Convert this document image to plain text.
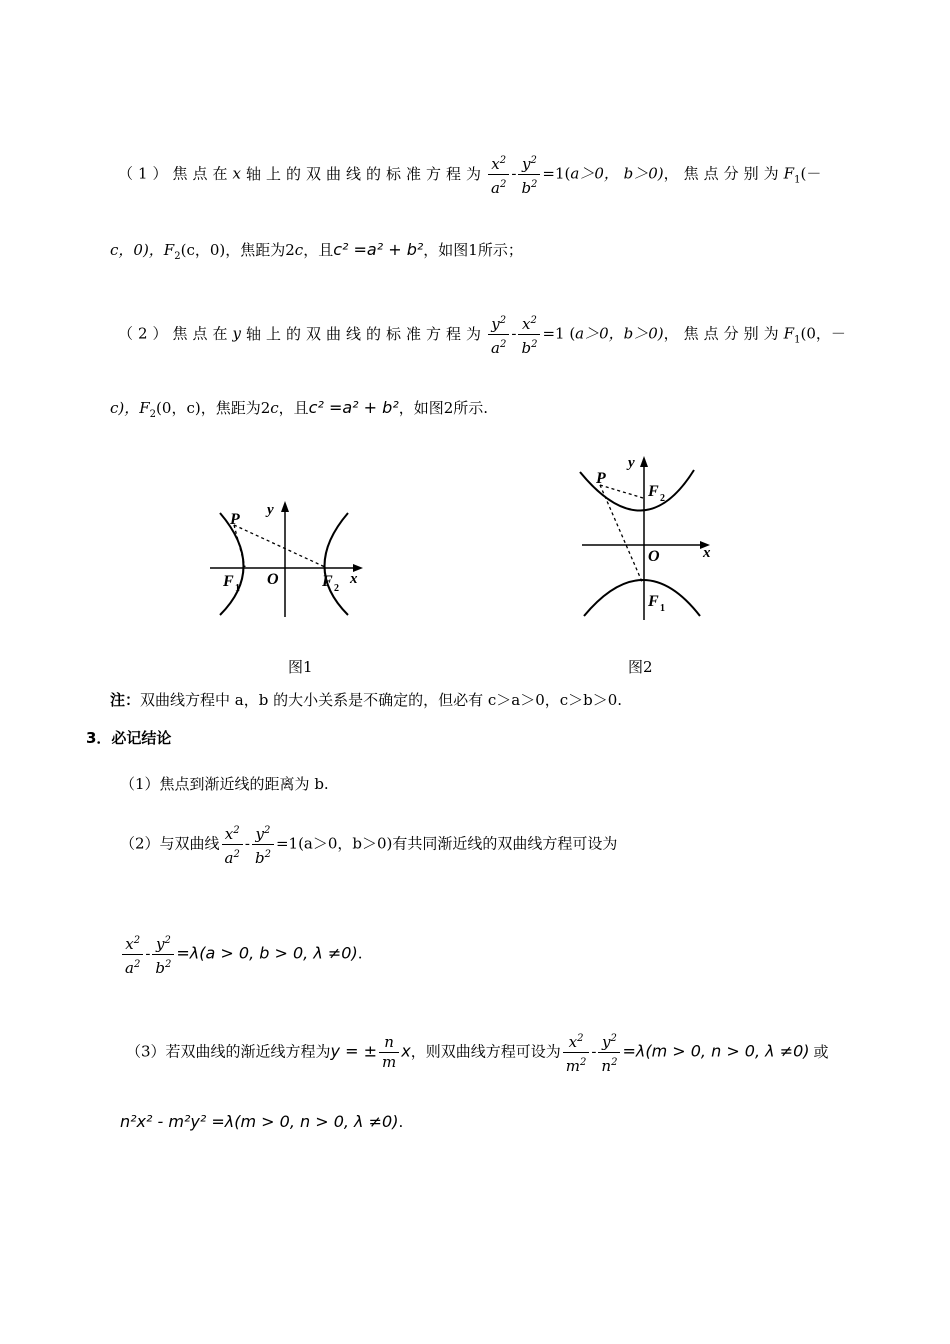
（1）焦点在x 轴上的双曲线的标准方程为 $\frac{x^2}{a^2} - \frac{y^2}{b^2} =1(a>0$， b＞0)，焦点分别为$F_1(-$
c，0)，$F_2(c$，0)，焦距为2c，且c² =a² + b²，如图1所示；
（2）焦点在y 轴上的双曲线的标准方程为 $\frac{y^2}{a^2} - \frac{x^2}{b^2} =1$ (a＞0，b＞0)，焦点分别为$F_1(0$，－
c)，$F_2(0$，c)，焦距为2c，且c² =a² + b²，如图2所示.
P
y
F 1
O	F 2
x
图1
P
y
F 2
O	x
F 1
图2
注：双曲线方程中 a，b 的大小关系是不确定的，但必有 c＞a＞0，c＞b＞0.
3．必记结论
（1）焦点到渐近线的距离为 b.
（2）与双曲线 $\frac{x^2}{a^2} - \frac{y^2}{b^2} =1(a>0$，b＞0)有共同渐近线的双曲线方程可设为
$\frac{x^2}{a^2} - \frac{y^2}{b^2} =\lambda(a > 0$, b > 0, λ ≠0).
（3）若双曲线的渐近线方程为y = ± $\frac{n}{m}$ x，则双曲线方程可设为 $\frac{x^2}{m^2} - \frac{y^2}{n^2} =\lambda(m > 0$, n > 0, λ ≠0) 或
n²x² - m²y² =λ(m > 0, n > 0, λ ≠0).
